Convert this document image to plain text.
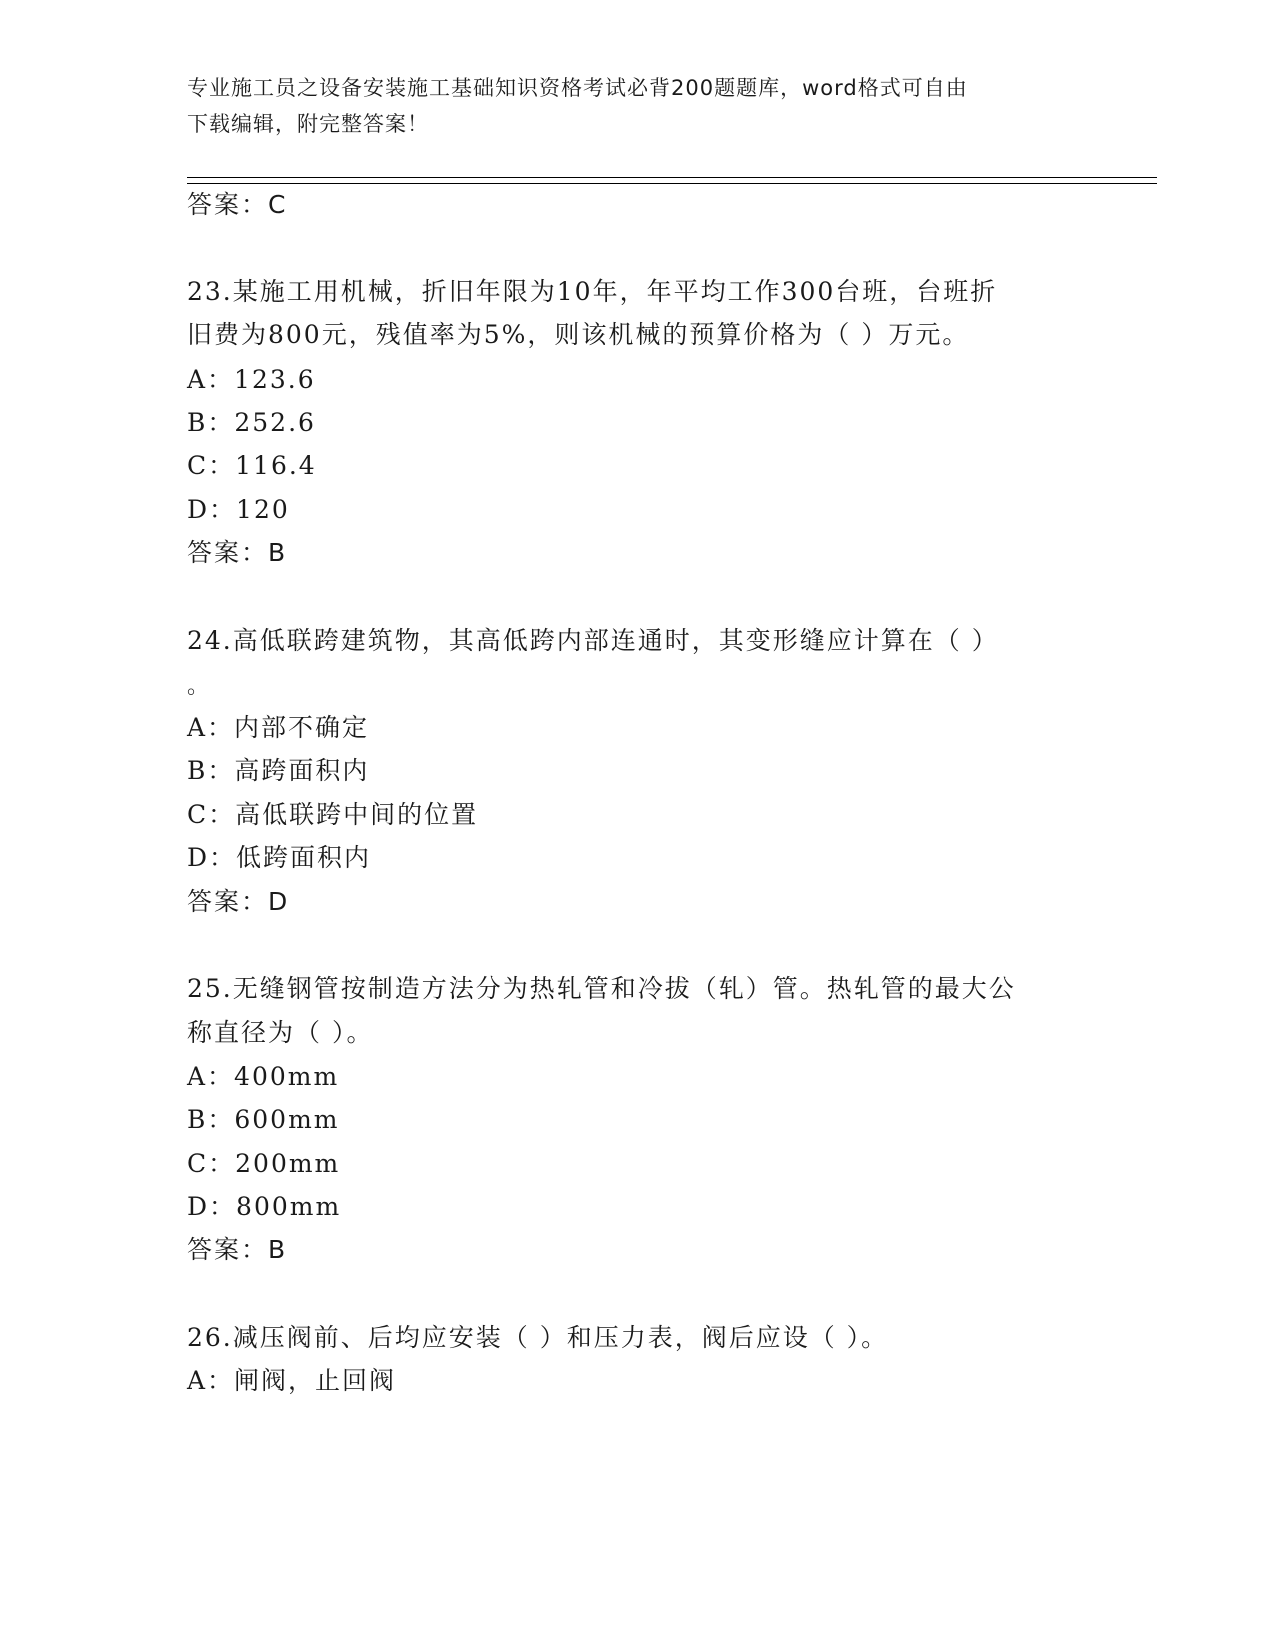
专业施工员之设备安装施工基础知识资格考试必背200题题库，word格式可自由
下载编辑，附完整答案！
答案：C
23.某施工用机械，折旧年限为10年，年平均工作300台班，台班折
旧费为800元，残值率为5%，则该机械的预算价格为（ ）万元。
A：123.6
B：252.6
C：116.4
D：120
答案：B
24.高低联跨建筑物，其高低跨内部连通时，其变形缝应计算在（ ）
。
A：内部不确定
B：高跨面积内
C：高低联跨中间的位置
D：低跨面积内
答案：D
25.无缝钢管按制造方法分为热轧管和冷拔（轧）管。热轧管的最大公
称直径为（ ）。
A：400mm
B：600mm
C：200mm
D：800mm
答案：B
26.减压阀前、后均应安装（ ）和压力表，阀后应设（ ）。
A：闸阀，止回阀
